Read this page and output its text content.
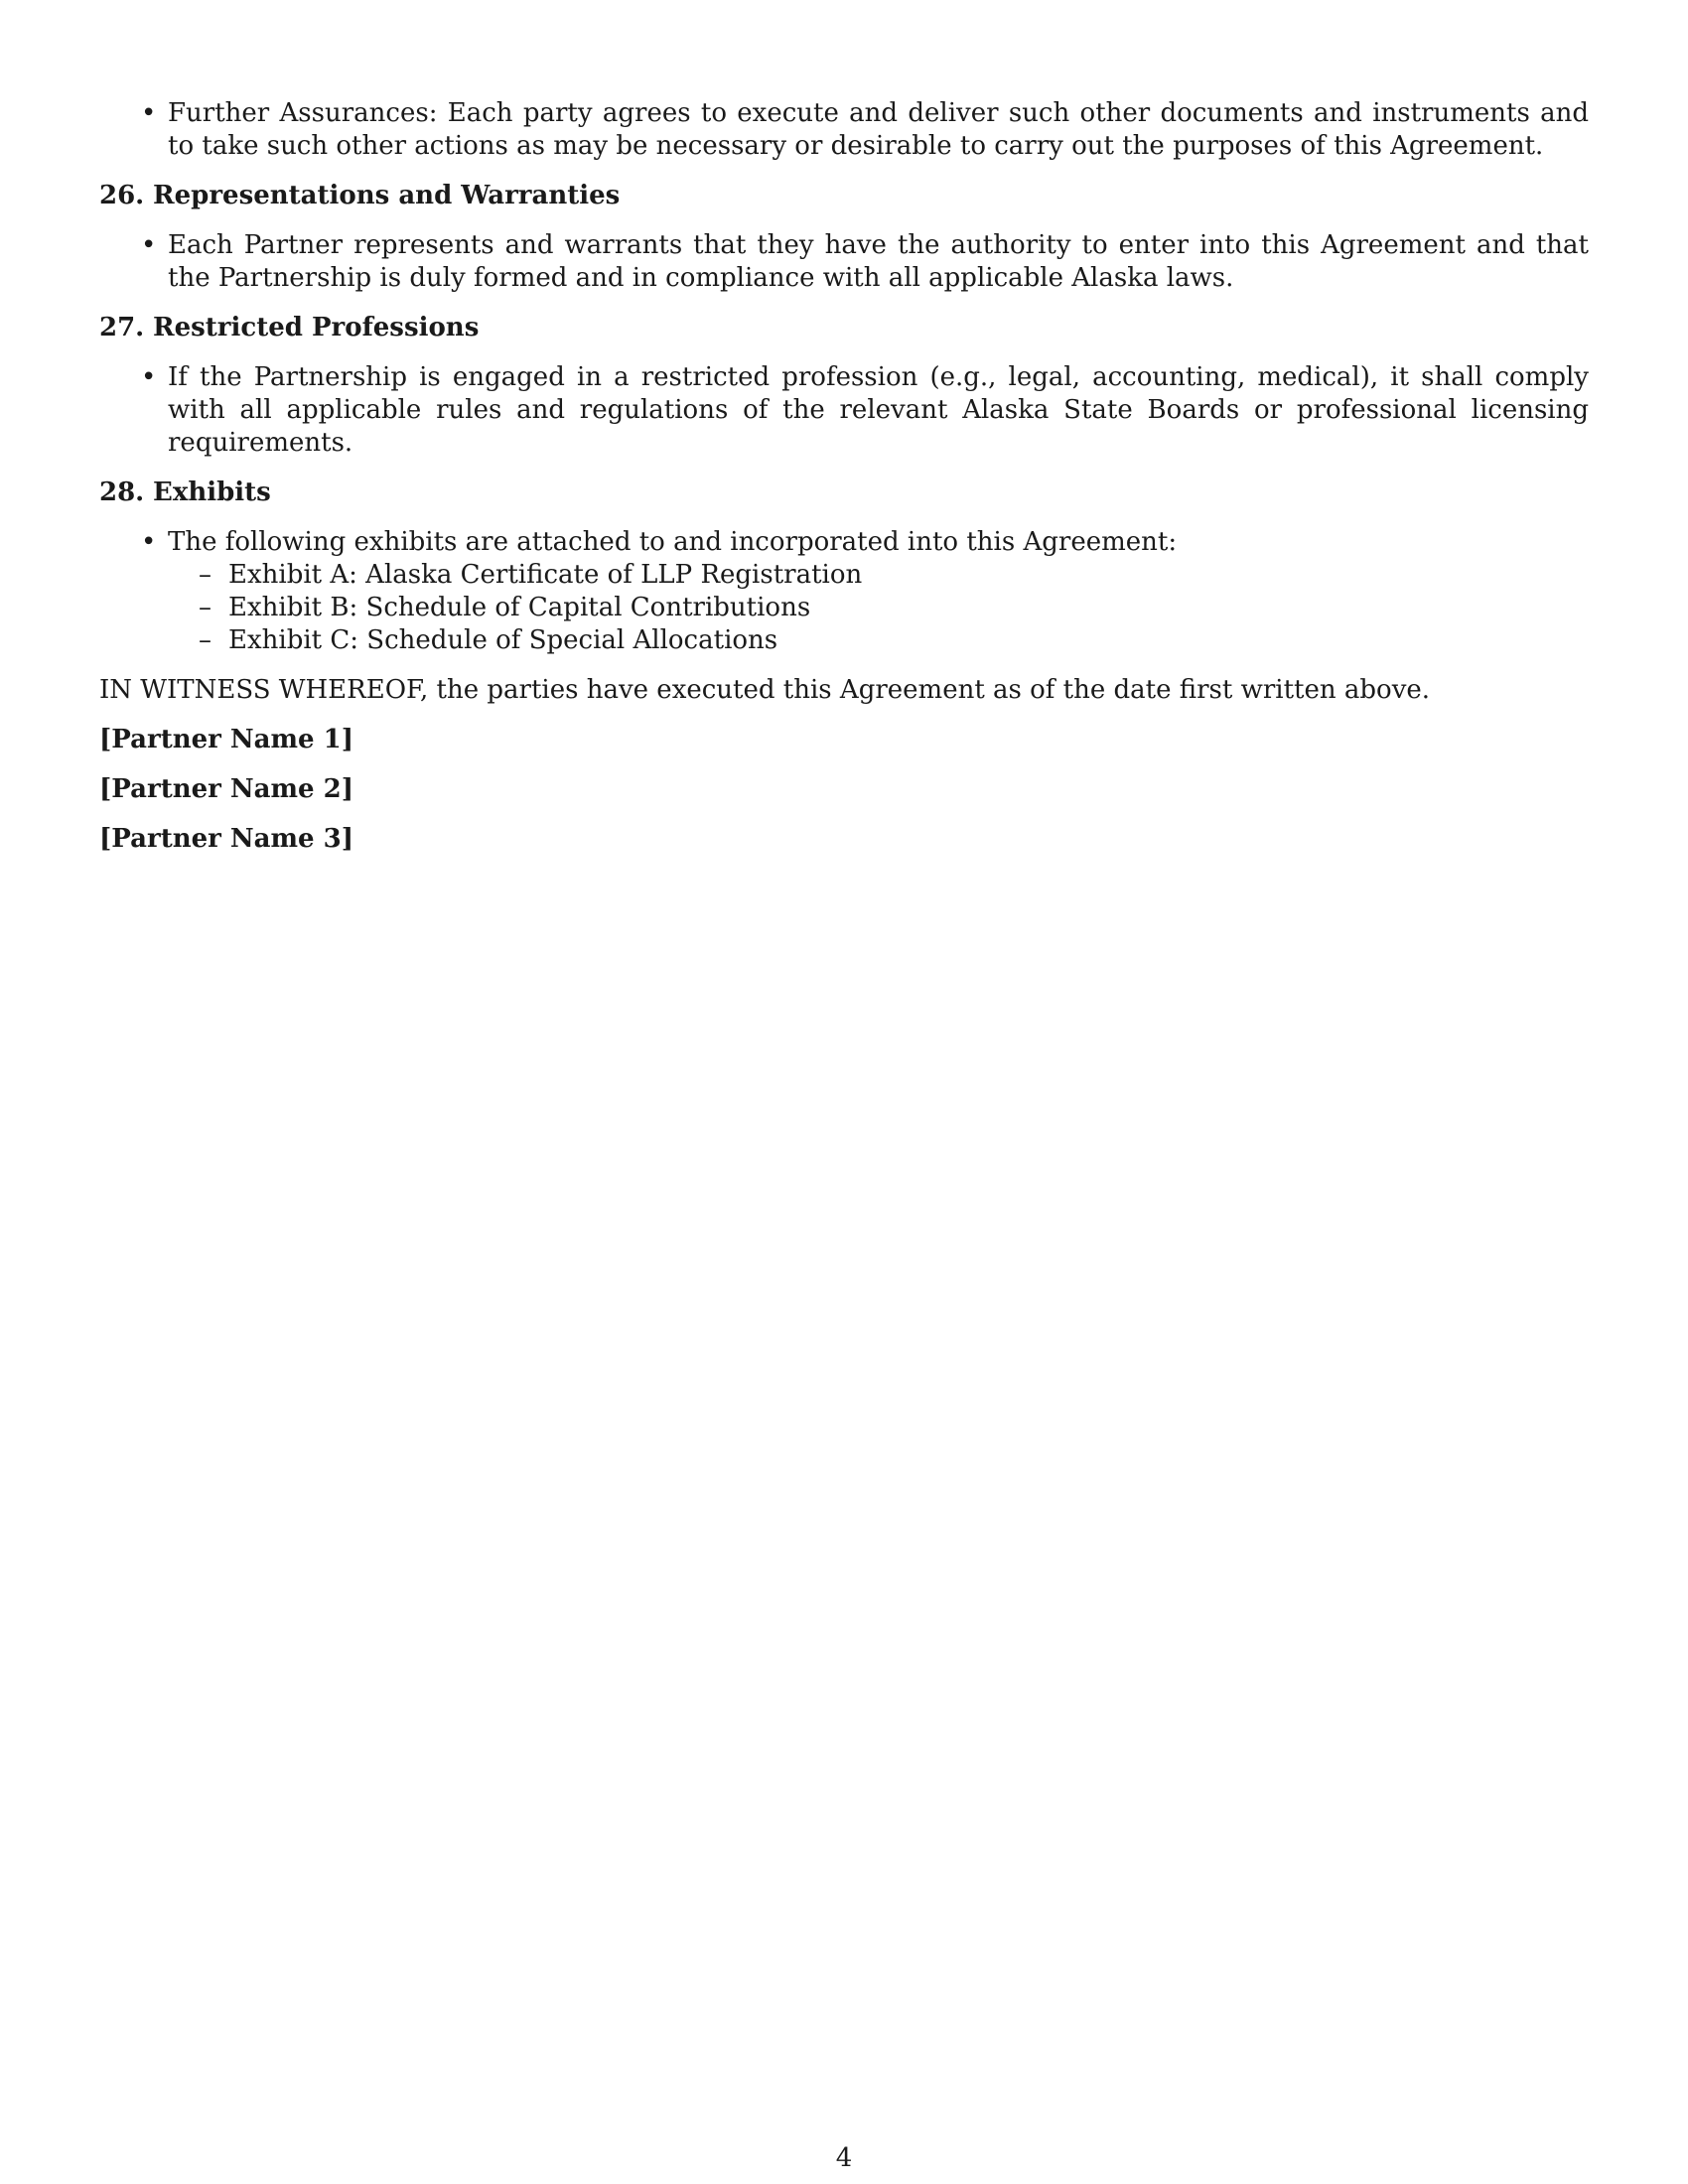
• Further Assurances: Each party agrees to execute and deliver such other documents and instruments and to take such other actions as may be necessary or desirable to carry out the purposes of this Agreement.
26. Representations and Warranties
• Each Partner represents and warrants that they have the authority to enter into this Agreement and that the Partnership is duly formed and in compliance with all applicable Alaska laws.
27. Restricted Professions
• If the Partnership is engaged in a restricted profession (e.g., legal, accounting, medical), it shall comply with all applicable rules and regulations of the relevant Alaska State Boards or professional licensing requirements.
28. Exhibits
• The following exhibits are attached to and incorporated into this Agreement:
– Exhibit A: Alaska Certificate of LLP Registration
– Exhibit B: Schedule of Capital Contributions
– Exhibit C: Schedule of Special Allocations
IN WITNESS WHEREOF, the parties have executed this Agreement as of the date first written above.
[Partner Name 1]
[Partner Name 2]
[Partner Name 3]
4
